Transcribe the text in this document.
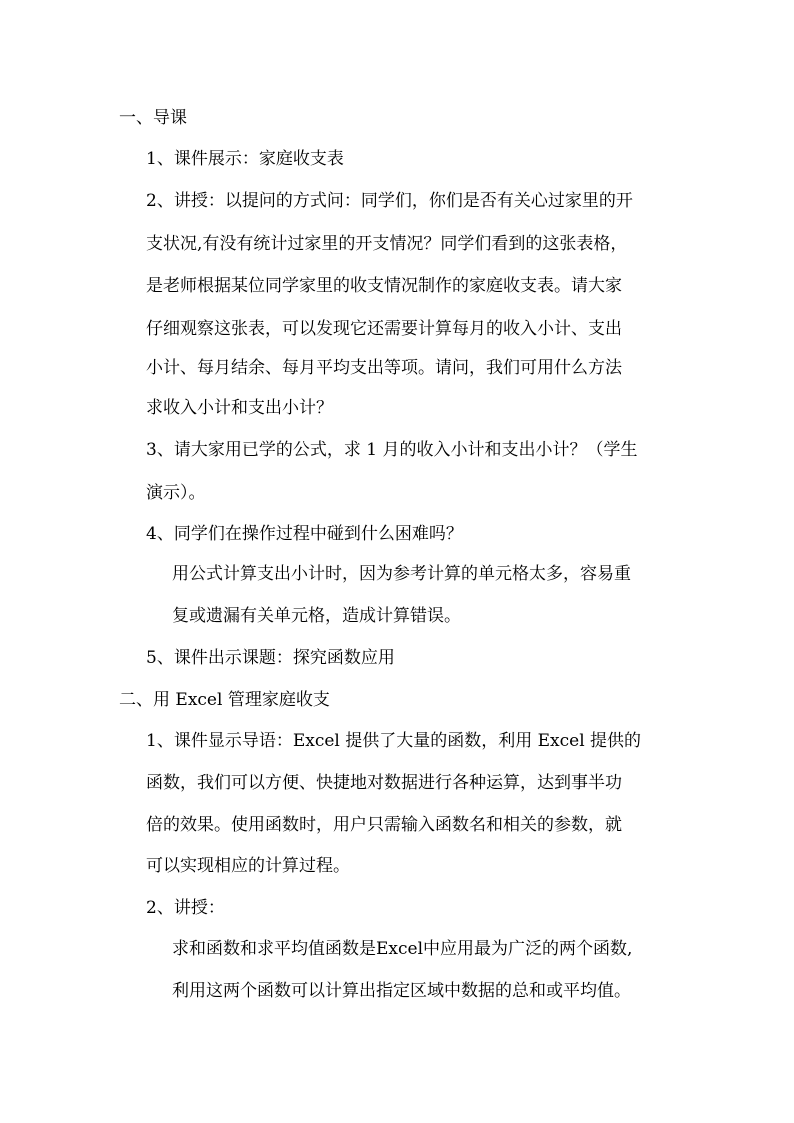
一、导课
1、课件展示：家庭收支表
2、讲授：以提问的方式问：同学们，你们是否有关心过家里的开
支状况,有没有统计过家里的开支情况？同学们看到的这张表格，
是老师根据某位同学家里的收支情况制作的家庭收支表。请大家
仔细观察这张表，可以发现它还需要计算每月的收入小计、支出
小计、每月结余、每月平均支出等项。请问，我们可用什么方法
求收入小计和支出小计？
3、请大家用已学的公式，求 1 月的收入小计和支出小计？（学生
演示）。
4、同学们在操作过程中碰到什么困难吗？
用公式计算支出小计时，因为参考计算的单元格太多，容易重
复或遗漏有关单元格，造成计算错误。
5、课件出示课题：探究函数应用
二、用 Excel 管理家庭收支
1、课件显示导语：Excel 提供了大量的函数，利用 Excel 提供的
函数，我们可以方便、快捷地对数据进行各种运算，达到事半功
倍的效果。使用函数时，用户只需输入函数名和相关的参数，就
可以实现相应的计算过程。
2、讲授：
求和函数和求平均值函数是Excel中应用最为广泛的两个函数,
利用这两个函数可以计算出指定区域中数据的总和或平均值。
